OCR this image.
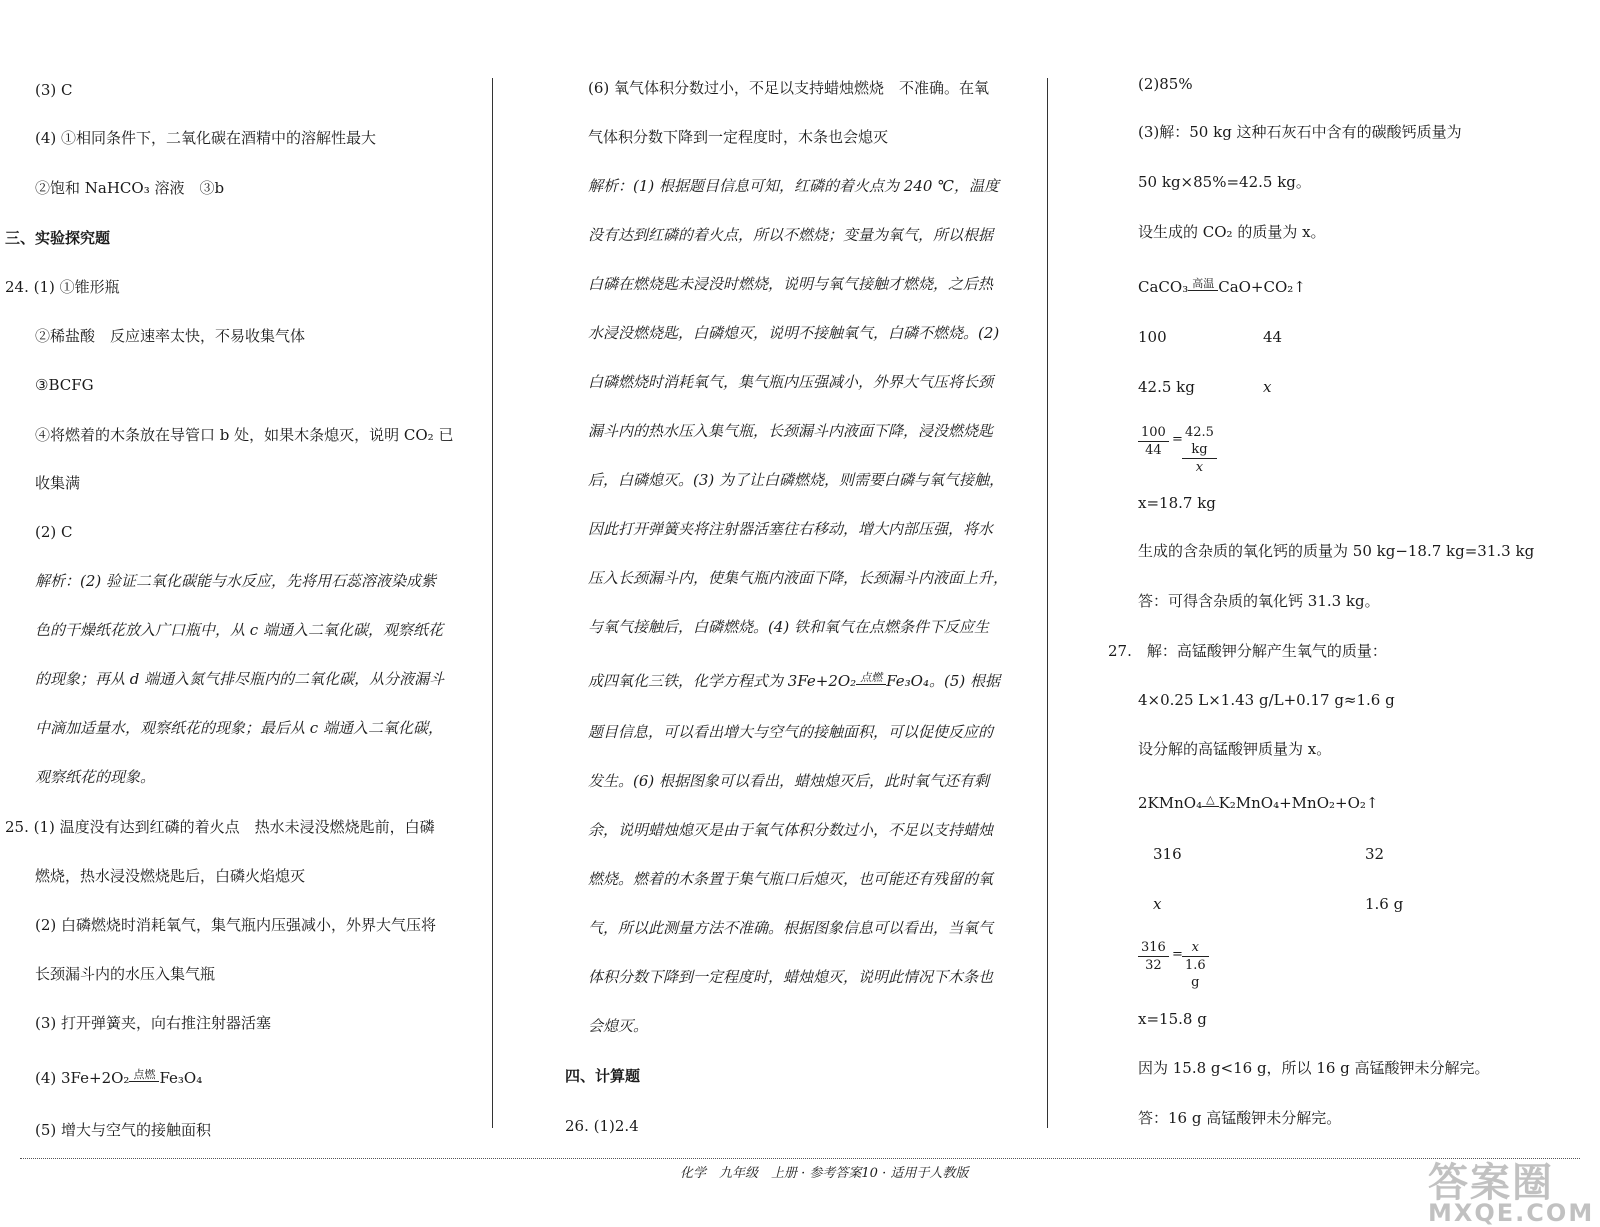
(3) C
(4) ①相同条件下，二氧化碳在酒精中的溶解性最大
②饱和 NaHCO₃ 溶液　③b
三、实验探究题
24. (1) ①锥形瓶
②稀盐酸　反应速率太快，不易收集气体
③BCFG
④将燃着的木条放在导管口 b 处，如果木条熄灭，说明 CO₂ 已
收集满
(2) C
解析：(2) 验证二氧化碳能与水反应，先将用石蕊溶液染成紫
色的干燥纸花放入广口瓶中，从 c 端通入二氧化碳，观察纸花
的现象；再从 d 端通入氮气排尽瓶内的二氧化碳，从分液漏斗
中滴加适量水，观察纸花的现象；最后从 c 端通入二氧化碳，
观察纸花的现象。
25. (1) 温度没有达到红磷的着火点　热水未浸没燃烧匙前，白磷
燃烧，热水浸没燃烧匙后，白磷火焰熄灭
(2) 白磷燃烧时消耗氧气，集气瓶内压强减小，外界大气压将
长颈漏斗内的水压入集气瓶
(3) 打开弹簧夹，向右推注射器活塞
(4) 3Fe+2O₂ 点燃 Fe₃O₄
(5) 增大与空气的接触面积
(6) 氧气体积分数过小，不足以支持蜡烛燃烧　不准确。在氧
气体积分数下降到一定程度时，木条也会熄灭
解析：(1) 根据题目信息可知，红磷的着火点为 240 ℃，温度
没有达到红磷的着火点，所以不燃烧；变量为氧气，所以根据
白磷在燃烧匙未浸没时燃烧，说明与氧气接触才燃烧，之后热
水浸没燃烧匙，白磷熄灭，说明不接触氧气，白磷不燃烧。(2)
白磷燃烧时消耗氧气，集气瓶内压强减小，外界大气压将长颈
漏斗内的热水压入集气瓶，长颈漏斗内液面下降，浸没燃烧匙
后，白磷熄灭。(3) 为了让白磷燃烧，则需要白磷与氧气接触，
因此打开弹簧夹将注射器活塞往右移动，增大内部压强，将水
压入长颈漏斗内，使集气瓶内液面下降，长颈漏斗内液面上升，
与氧气接触后，白磷燃烧。(4) 铁和氧气在点燃条件下反应生
成四氧化三铁，化学方程式为 3Fe+2O₂ 点燃 Fe₃O₄。(5) 根据
题目信息，可以看出增大与空气的接触面积，可以促使反应的
发生。(6) 根据图象可以看出，蜡烛熄灭后，此时氧气还有剩
余，说明蜡烛熄灭是由于氧气体积分数过小，不足以支持蜡烛
燃烧。燃着的木条置于集气瓶口后熄灭，也可能还有残留的氧
气，所以此测量方法不准确。根据图象信息可以看出，当氧气
体积分数下降到一定程度时，蜡烛熄灭，说明此情况下木条也
会熄灭。
四、计算题
26. (1)2.4
(2)85%
(3)解：50 kg 这种石灰石中含有的碳酸钙质量为
50 kg×85%=42.5 kg。
设生成的 CO₂ 的质量为 x。
CaCO₃ 高温 CaO+CO₂↑
100	44
42.5 kg	x
$\frac{100}{44} = \frac{42.5 kg}{x}$
x=18.7 kg
生成的含杂质的氧化钙的质量为 50 kg−18.7 kg=31.3 kg
答：可得含杂质的氧化钙 31.3 kg。
27.　解：高锰酸钾分解产生氧气的质量：
4×0.25 L×1.43 g/L+0.17 g≈1.6 g
设分解的高锰酸钾质量为 x。
2KMnO₄ △ K₂MnO₄+MnO₂+O₂↑
316	32
x	1.6 g
$\frac{316}{32} = \frac{x}{1.6 g}$
x=15.8 g
因为 15.8 g<16 g，所以 16 g 高锰酸钾未分解完。
答：16 g 高锰酸钾未分解完。
化学　九年级　上册 · 参考答案10 · 适用于人教版	答案圈
MXQE.COM
